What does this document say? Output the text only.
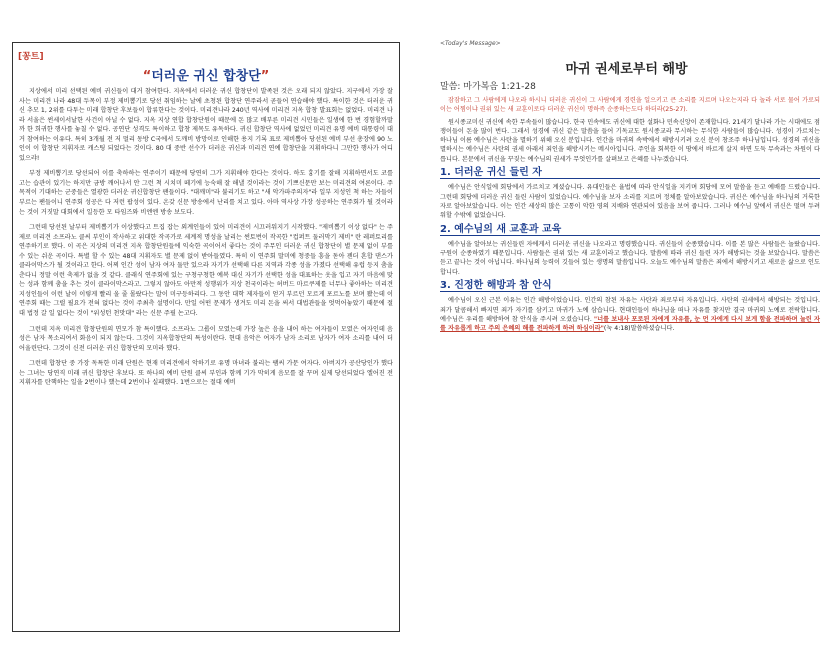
[꽁트]
“더러운 귀신 합창단”

지상에서 미리 선택된 예비 귀신들이 대거 참여한다. 지옥에서 더러운 귀신 합창단이 발족된 것은 오래 되지 않았다. 지구에서 가장 잘 사는 미리견 나라 48대 두목이 부정 제비뽑기로 당선 취임하는 날에 초청된 합창단 연주라서 곧들어 연습해야 했다. 특이한 것은 더러운 귀신 추모 1, 2위를 다투는 미래 합창단 후보들이 합류한다는 것이다. 미리견나라 240년 역사에 미리견 지옥 합창 발표회는 없었다. 미리견 나라 서울은 썬세이서날한 사건이 아닐 수 없다. 지옥 지상 연합 합창단원이 때문에 돈 많고 배부른 미리견 시민들은 일생에 한 번 경험할까말까 한 희귀한 행사를 놓칠 수 없다. 공연단 성격도 특이하고 합창 제목도 유독하다. 귀신 합창단 역사에 없었던 미리견 유명 예비 대통령이 대거 참여하는 이유다. 특히 3개월 전 저 멀리 동방 C국에서 도깨비 방망이로 인해한 용지 기록 표로 제비뽑아 당선된 예비 부선 총장에 90 노인이 이 합창단 지휘자로 캐스팅 되었다는 것이다. 80 대 중반 선수가 더러운 귀신과 미리견 연예 합창단을 지휘하다니 그만한 행사가 어디 있으랴!

부정 제비뽑기로 당선되어 이를 축하하는 연주이기 때문에 당연히 그가 지휘해야 한다는 것이다. 하도 흉기를 잘해 지휘하면서도 코를 고는 습관이 있기는 하지만 금방 깨어나서 안 그런 척 시치미 떼기에 능숙해 잘 해낼 것이라는 것이 기쁘신문만 보는 미리견의 여론이다. 주목적이 기대하는 군중들은 열광한 더러운 귀신합창단 팬들이다. "대깨미"라 불리기도 하고 "새 악가파주의자"라 일부 지성인 척 하는 자들이 부르는 팬들이니 연주회 성공은 다 저런 팝성이 있다. 온갖 신문 방송에서 난리를 치고 있다. 아마 역사상 가장 성공하는 연주회가 될 것이라는 것이 거짓말 대회에서 일등한 모 타임즈와 비엔엔 방송 보도다.

그런데 당선된 날부터 제비뽑기가 이상했다고 트집 잡는 외계인들이 있어 미리견이 시끄러워지기 시작했다. "제비뽑기 이상 없다" 는 주제로 미리견 소프라노 클씨 부인이 작사하고 위대한 작곡가로 세계적 명성을 날리는 썬토번이 작곡한 "컵퍼트 둘러막기 제비" 란 레퍼토리를 연주하기로 했다. 이 곡은 지상의 미리견 지옥 합창단원들에 익숙한 곡이어서 좋다는 것이 주무인 더러운 귀신 합창단이 별 문제 없이 부를 수 있는 쉬운 곡이다. 특별 할 수 있는 48대 지휘자도 별 문제 없이 받아들였다. 특히 이 연주회 말미에 청중들 흥을 돋아 젠더 혼합 댄스가 클라이막스가 될 것이라고 한다. 어찌 인간 성이 남자 여자 둘만 있으라 자기가 선택해 다른 지역과 각종 성을 가졌다 선택해 유럽 등지 춤을 춘다니 정말 이런 축제가 없을 것 같다. 클래식 연주회에 있는 구청구청한 예복 대신 자기가 선택한 성을 대표하는 옷을 입고 자기 마음에 맞는 성과 함께 춤을 추는 것이 클라이막스라고. 그렇지 않아도 아만적 성행위가 지상 천국이라는 허버드 마르쿠제를 너무나 좋아하는 미리견 지성인들이 이런 날이 이렇게 빨리 올 줄 몰랐다는 말이 미구등하리다. 그 동안 대학 제자들이 얻거 부르던 모르게 포르노를 보며 봤는데 이 연주회 때는 그럴 필요가 전혀 없다는 것이 주최측 설명이다. 만일 어떤 문제가 생겨도 미리 돈을 써서 대법관들을 엇먹어놓았기 때문에 절대 법정 갈 일 없다는 것이 "위성턴 천맛대" 라는 신문 주필 논고다.

그런데 지옥 미리견 합창단원의 면모가 참 특이했다. 소프라노 그룹이 모였는데 가장 높은 음을 내어 하는 여자들이 모였은 여자인데 음성은 남자 목소리여서 화음이 되지 않는다. 그것이 지옥합창단의 특성이란다. 현대 음악은 여자가 남자 소리로 남자가 여자 소리를 내어 더 어울린단다. 그것이 신전 더러운 귀신 합창단의 모미라 했다.

그런데 합창단 중 가장 독특한 미래 단원은 현재 미리견에서 악하기로 유명 마녀라 불리는 팸씨 가문 여자다. 아버지가 공산당인가 했다는 그녀는 당연직 미래 귀신 합창단 후보다. 또 하나의 예비 단원 클씨 부인과 함께 기가 막히게 음모를 잘 꾸며 실제 당선되었다 엘어진 전 지휘자를 탄핵하는 일을 2번이나 했는데 2번이나 실패했다. 1번으로는 절대 예비

<Today's Message>
마귀 권세로부터 해방
말씀: 마가복음 1:21-28

잠잠하고 그 사람에게 나오라 하시니 더러운 귀신이 그 사람에게 경련을 일으키고 큰 소리를 지르며 나오는지라 다 놀라 서로 물어 가로되 이는 어찜이냐 권위 있는 새 교훈이로다 더러운 귀신이 명하즉 순종하는도다 하더라(25-27).

원시종교미신 귀신에 속한 무속들이 많습니다. 한국 민속에도 귀신에 대한 설화나 민속신앙이 존재합니다. 21세기 달나라 가는 시대에도 점쟁이들이 돈을 많이 번다. 그래서 성경에 귀신 같은 말씀을 들어 기독교도 원시종교라 무시하는 무식한 사람들이 많습니다. 성경이 가르치는 하나님 이름 예수님은 사탄을 멸하기 위해 오신 분입니다. 인간을 마귀의 속박에서 해방시키려 오신 분이 창조주 하나님입니다. 성경의 귀신을 멸하시는 예수님은 사탄의 권세 아래서 죄인을 해방시키는 메시아입니다. 주인을 회복한 이 땅에서 바르게 살지 하면 도둑 무속과는 차원이 다릅니다. 본문에서 귀신을 꾸짖는 예수님의 권세가 무엇인가를 살펴보고 은혜를 나누겠습니다.

1. 더러운 귀신 들린 자

예수님은 안식일에 회당에서 가르치고 계셨습니다. 유대인들은 율법에 따라 안식일을 지키며 회당에 모여 말씀을 듣고 예배를 드렸습니다. 그런데 회당에 더러운 귀신 들린 사람이 있었습니다. 예수님을 보자 소리를 지르며 정체를 알아보았습니다. 귀신은 예수님을 하나님의 거룩한 자로 알아보았습니다. 이는 인간 세상의 많은 고통이 악한 영의 지배와 연관되어 있음을 보여 줍니다. 그러나 예수님 앞에서 귀신은 떨며 두려워할 수밖에 없었습니다.

2. 예수님의 새 교훈과 교육

예수님을 알아보는 귀신들린 자에게서 더러운 귀신을 나오라고 명령했습니다. 귀신들이 순종했습니다. 이를 본 많은 사람들은 놀랐습니다. 구원이 순종하였기 때문입니다. 사람들은 권위 있는 새 교훈이라고 했습니다. 말씀에 따라 귀신 들린 자가 해방되는 것을 보았습니다. 말씀은 듣고 끝나는 것이 아닙니다. 하나님의 능력이 깃들어 있는 생명의 말씀입니다. 오늘도 예수님의 말씀은 죄에서 해방시키고 새로운 삶으로 인도합니다.

3. 진정한 해방과 참 안식

예수님이 오신 근본 이유는 인간 해방이었습니다. 인간의 참된 자유는 사탄과 죄로부터 자유입니다. 사탄의 권세에서 해방되는 것입니다. 죄가 달콤해서 빠지면 죄가 자기를 삼키고 마귀가 노예 삼습니다. 현대인들이 하나님을 떠나 자유를 찾지만 결국 마귀의 노예로 전락합니다. 예수님은 우리를 해방하여 참 안식을 주시려 오셨습니다. "너를 보내사 포로된 자에게 자유를, 눈 먼 자에게 다시 보게 함을 전파하며 눌린 자를 자유롭게 하고 주의 은혜의 해를 전파하게 하려 하심이라"(눅 4:18)말씀하셨습니다.
